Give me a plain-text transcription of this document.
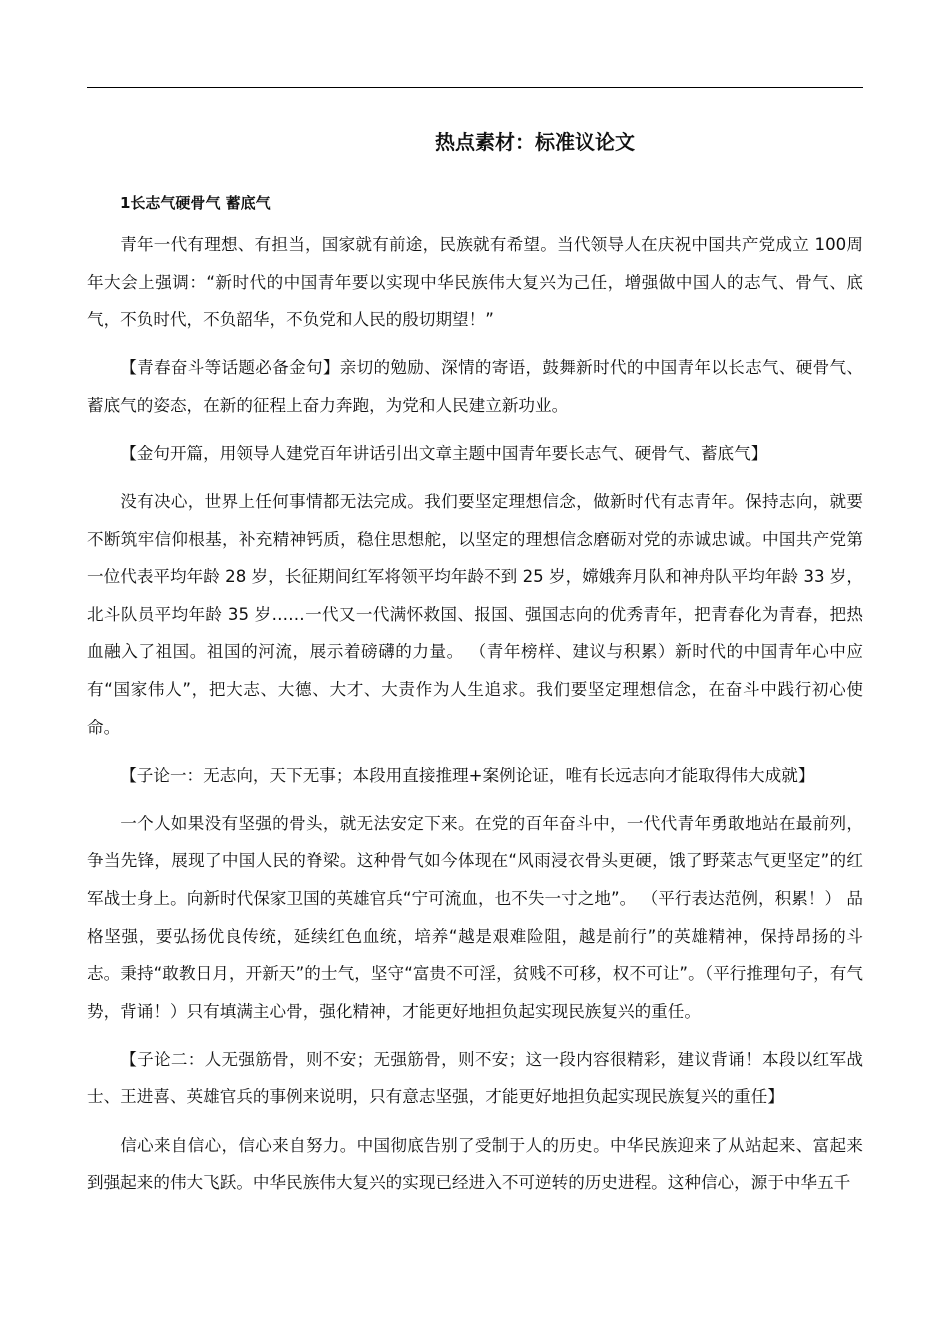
热点素材：标准议论文
1长志气硬骨气 蓄底气

青年一代有理想、有担当，国家就有前途，民族就有希望。当代领导人在庆祝中国共产党成立 100周年大会上强调：“新时代的中国青年要以实现中华民族伟大复兴为己任，增强做中国人的志气、骨气、底气，不负时代，不负韶华，不负党和人民的殷切期望！”

【青春奋斗等话题必备金句】亲切的勉励、深情的寄语，鼓舞新时代的中国青年以长志气、硬骨气、蓄底气的姿态，在新的征程上奋力奔跑，为党和人民建立新功业。

【金句开篇，用领导人建党百年讲话引出文章主题中国青年要长志气、硬骨气、蓄底气】

没有决心，世界上任何事情都无法完成。我们要坚定理想信念，做新时代有志青年。保持志向，就要不断筑牢信仰根基，补充精神钙质，稳住思想舵，以坚定的理想信念磨砺对党的赤诚忠诚。中国共产党第一位代表平均年龄 28 岁，长征期间红军将领平均年龄不到 25 岁，嫦娥奔月队和神舟队平均年龄 33 岁，北斗队员平均年龄 35 岁……一代又一代满怀救国、报国、强国志向的优秀青年，把青春化为青春，把热血融入了祖国。祖国的河流，展示着磅礴的力量。 （青年榜样、建议与积累）新时代的中国青年心中应有“国家伟人”，把大志、大德、大才、大责作为人生追求。我们要坚定理想信念，在奋斗中践行初心使命。

【子论一：无志向，天下无事；本段用直接推理+案例论证，唯有长远志向才能取得伟大成就】

一个人如果没有坚强的骨头，就无法安定下来。在党的百年奋斗中，一代代青年勇敢地站在最前列，争当先锋，展现了中国人民的脊梁。这种骨气如今体现在“风雨浸衣骨头更硬，饿了野菜志气更坚定”的红军战士身上。向新时代保家卫国的英雄官兵“宁可流血，也不失一寸之地”。 （平行表达范例，积累！） 品格坚强，要弘扬优良传统，延续红色血统，培养“越是艰难险阻，越是前行”的英雄精神，保持昂扬的斗志。秉持“敢教日月，开新天”的士气，坚守“富贵不可淫，贫贱不可移，权不可让”。（平行推理句子，有气势，背诵！）只有填满主心骨，强化精神，才能更好地担负起实现民族复兴的重任。

【子论二：人无强筋骨，则不安；无强筋骨，则不安；这一段内容很精彩，建议背诵！本段以红军战士、王进喜、英雄官兵的事例来说明，只有意志坚强，才能更好地担负起实现民族复兴的重任】

信心来自信心，信心来自努力。中国彻底告别了受制于人的历史。中华民族迎来了从站起来、富起来到强起来的伟大飞跃。中华民族伟大复兴的实现已经进入不可逆转的历史进程。这种信心，源于中华五千
